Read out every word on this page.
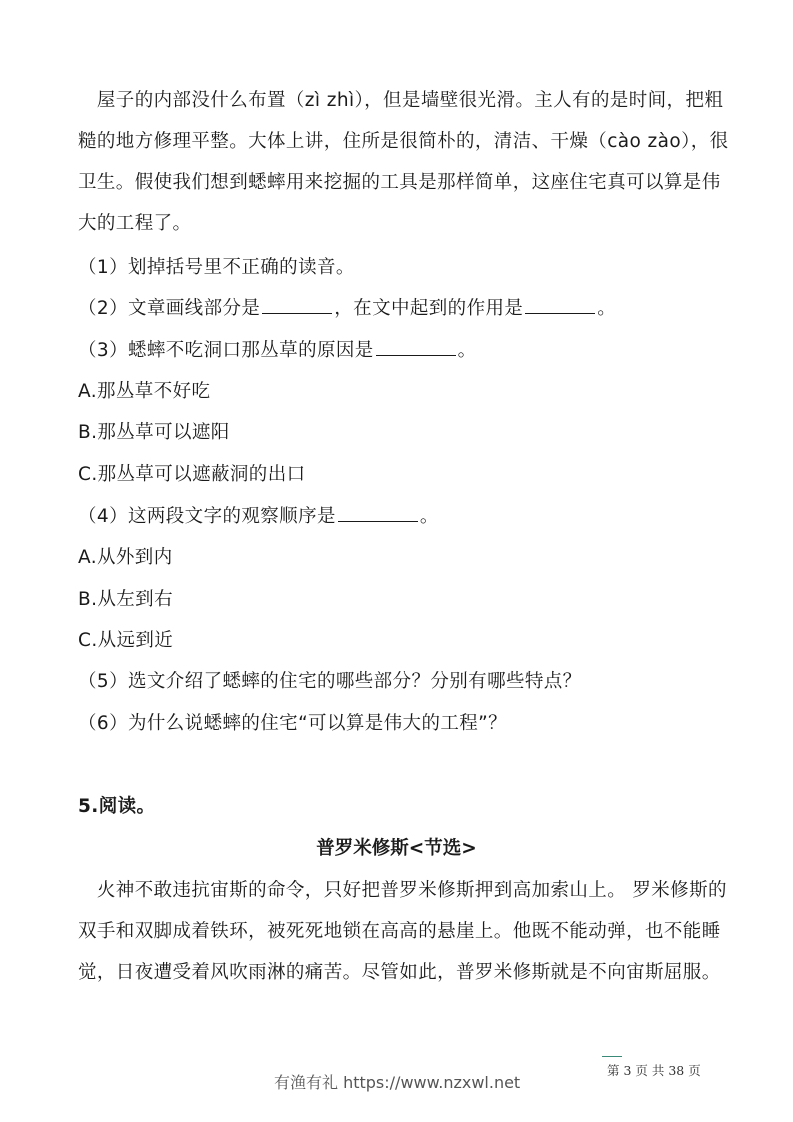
　屋子的内部没什么布置（zì zhì），但是墙壁很光滑。主人有的是时间，把粗
糙的地方修理平整。大体上讲，住所是很简朴的，清洁、干燥（cào zào），很
卫生。假使我们想到蟋蟀用来挖掘的工具是那样简单，这座住宅真可以算是伟
大的工程了。
（1）划掉括号里不正确的读音。
（2）文章画线部分是	，在文中起到的作用是	。
（3）蟋蟀不吃洞口那丛草的原因是	。
A.那丛草不好吃
B.那丛草可以遮阳
C.那丛草可以遮蔽洞的出口
（4）这两段文字的观察顺序是	。
A.从外到内
B.从左到右
C.从远到近
（5）选文介绍了蟋蟀的住宅的哪些部分？分别有哪些特点？
（6）为什么说蟋蟀的住宅“可以算是伟大的工程”？
5.阅读。
普罗米修斯<节选>
　火神不敢违抗宙斯的命令，只好把普罗米修斯押到高加索山上。 罗米修斯的
双手和双脚成着铁环，被死死地锁在高高的悬崖上。他既不能动弹，也不能睡
觉，日夜遭受着风吹雨淋的痛苦。尽管如此，普罗米修斯就是不向宙斯屈服。
第 3 页 共 38 页
有渔有礼 https://www.nzxwl.net
